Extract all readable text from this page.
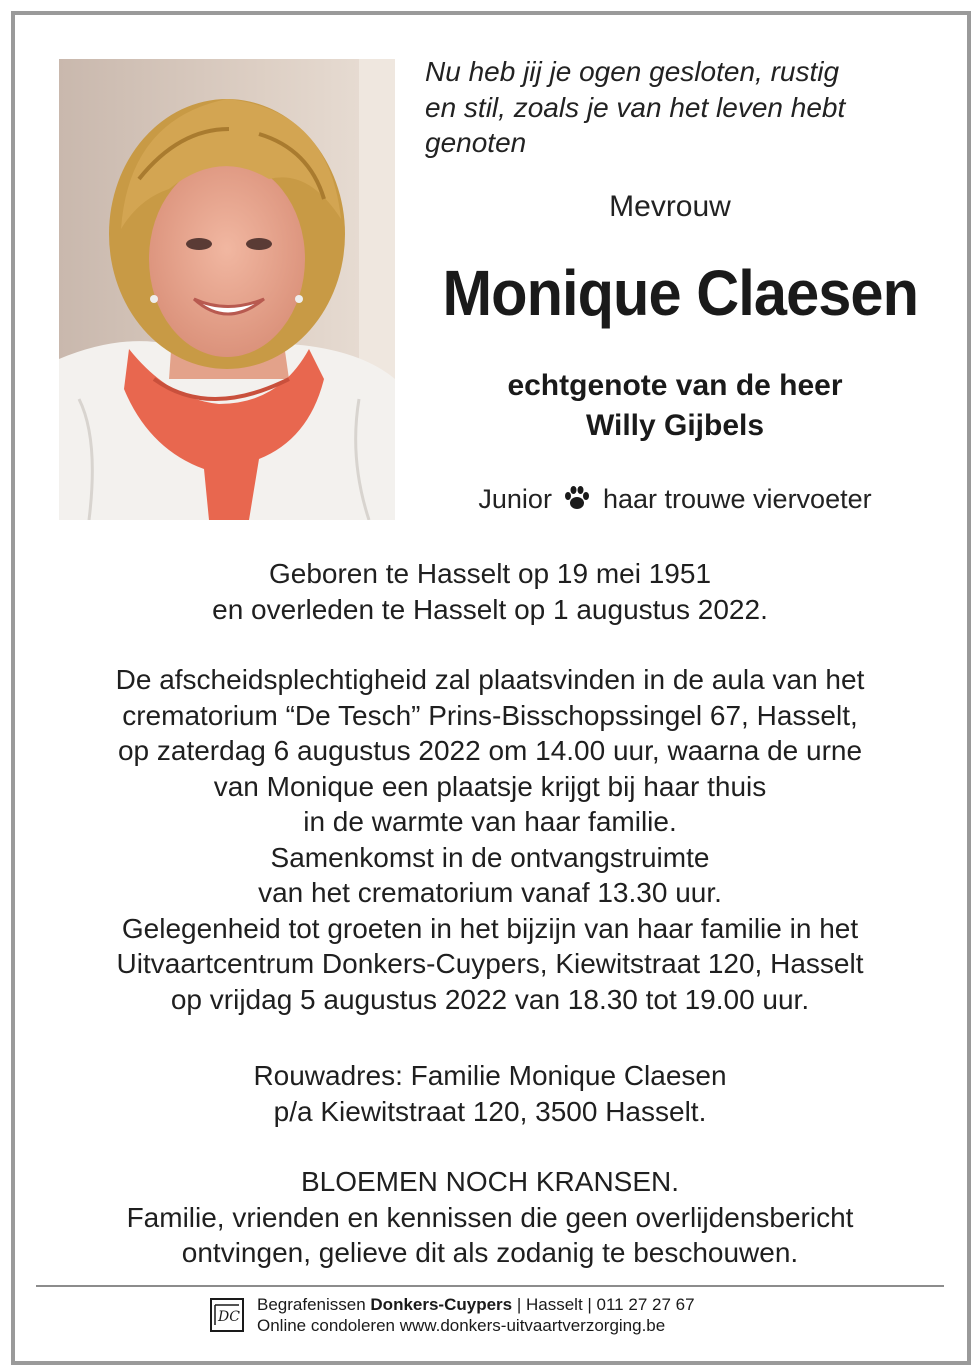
Nu heb jij je ogen gesloten, rustig
en stil, zoals je van het leven hebt
genoten
Mevrouw
Monique Claesen
echtgenote van de heer
Willy Gijbels
Junior haar trouwe viervoeter
Geboren te Hasselt op 19 mei 1951
en overleden te Hasselt op 1 augustus 2022.
De afscheidsplechtigheid zal plaatsvinden in de aula van het
crematorium “De Tesch” Prins-Bisschopssingel 67, Hasselt,
op zaterdag 6 augustus 2022 om 14.00 uur, waarna de urne
van Monique een plaatsje krijgt bij haar thuis
in de warmte van haar familie.
Samenkomst in de ontvangstruimte
van het crematorium vanaf 13.30 uur.
Gelegenheid tot groeten in het bijzijn van haar familie in het
Uitvaartcentrum Donkers-Cuypers, Kiewitstraat 120, Hasselt
op vrijdag 5 augustus 2022 van 18.30 tot 19.00 uur.
Rouwadres: Familie Monique Claesen
p/a Kiewitstraat 120, 3500 Hasselt.
BLOEMEN NOCH KRANSEN.
Familie, vrienden en kennissen die geen overlijdensbericht
ontvingen, gelieve dit als zodanig te beschouwen.
DC
Begrafenissen Donkers-Cuypers | Hasselt | 011 27 27 67
Online condoleren www.donkers-uitvaartverzorging.be
